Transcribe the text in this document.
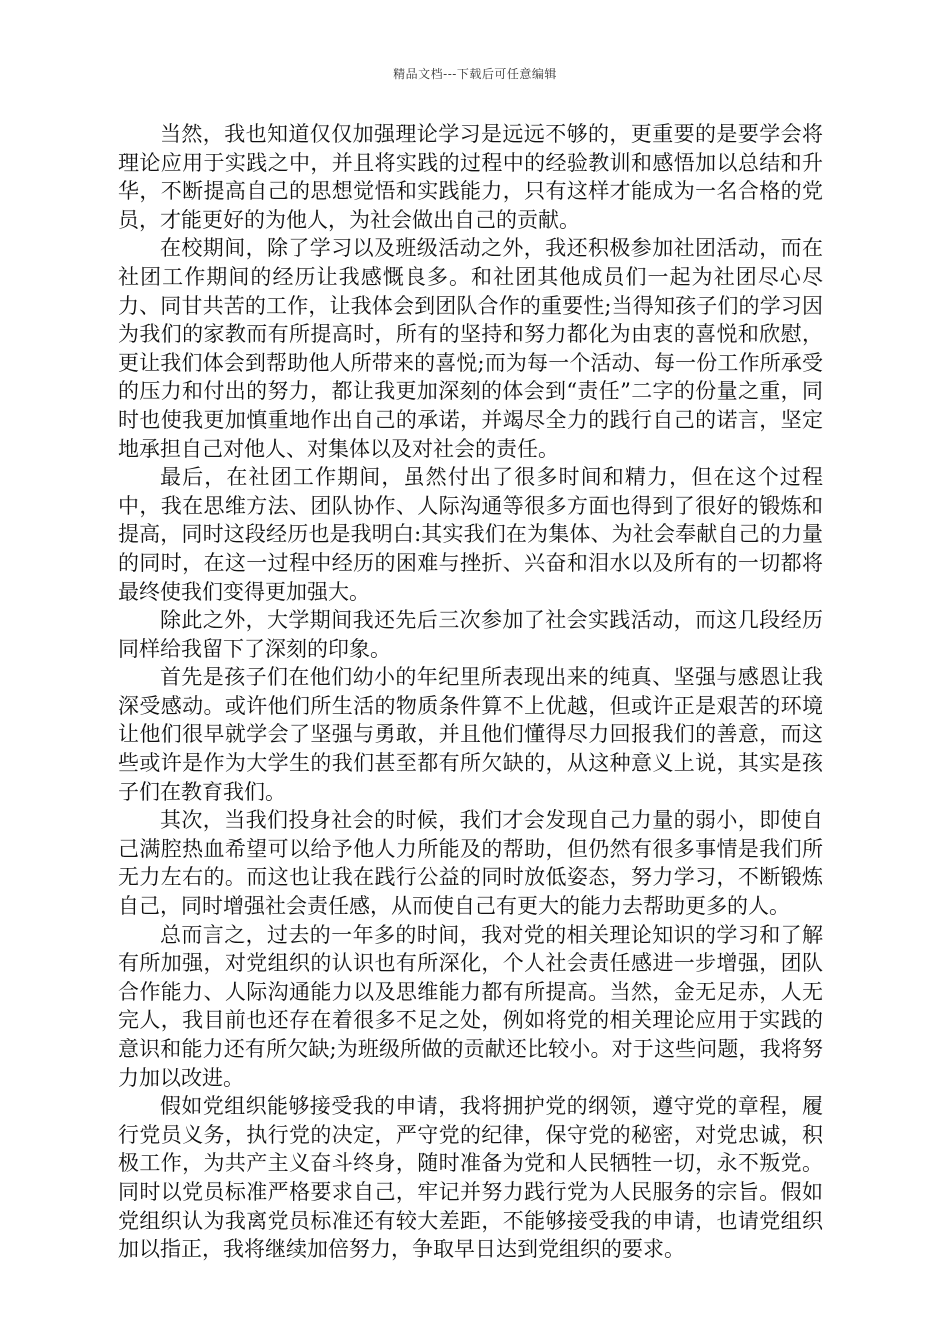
精品文档---下载后可任意编辑

当然，我也知道仅仅加强理论学习是远远不够的，更重要的是要学会将理论应用于实践之中，并且将实践的过程中的经验教训和感悟加以总结和升华，不断提高自己的思想觉悟和实践能力，只有这样才能成为一名合格的党员，才能更好的为他人，为社会做出自己的贡献。

在校期间，除了学习以及班级活动之外，我还积极参加社团活动，而在社团工作期间的经历让我感慨良多。和社团其他成员们一起为社团尽心尽力、同甘共苦的工作，让我体会到团队合作的重要性;当得知孩子们的学习因为我们的家教而有所提高时，所有的坚持和努力都化为由衷的喜悦和欣慰，更让我们体会到帮助他人所带来的喜悦;而为每一个活动、每一份工作所承受的压力和付出的努力，都让我更加深刻的体会到“责任”二字的份量之重，同时也使我更加慎重地作出自己的承诺，并竭尽全力的践行自己的诺言，坚定地承担自己对他人、对集体以及对社会的责任。

最后，在社团工作期间，虽然付出了很多时间和精力，但在这个过程中，我在思维方法、团队协作、人际沟通等很多方面也得到了很好的锻炼和提高，同时这段经历也是我明白:其实我们在为集体、为社会奉献自己的力量的同时，在这一过程中经历的困难与挫折、兴奋和泪水以及所有的一切都将最终使我们变得更加强大。

除此之外，大学期间我还先后三次参加了社会实践活动，而这几段经历同样给我留下了深刻的印象。

首先是孩子们在他们幼小的年纪里所表现出来的纯真、坚强与感恩让我深受感动。或许他们所生活的物质条件算不上优越，但或许正是艰苦的环境让他们很早就学会了坚强与勇敢，并且他们懂得尽力回报我们的善意，而这些或许是作为大学生的我们甚至都有所欠缺的，从这种意义上说，其实是孩子们在教育我们。

其次，当我们投身社会的时候，我们才会发现自己力量的弱小，即使自己满腔热血希望可以给予他人力所能及的帮助，但仍然有很多事情是我们所无力左右的。而这也让我在践行公益的同时放低姿态，努力学习，不断锻炼自己，同时增强社会责任感，从而使自己有更大的能力去帮助更多的人。

总而言之，过去的一年多的时间，我对党的相关理论知识的学习和了解有所加强，对党组织的认识也有所深化，个人社会责任感进一步增强，团队合作能力、人际沟通能力以及思维能力都有所提高。当然，金无足赤，人无完人，我目前也还存在着很多不足之处，例如将党的相关理论应用于实践的意识和能力还有所欠缺;为班级所做的贡献还比较小。对于这些问题，我将努力加以改进。

假如党组织能够接受我的申请，我将拥护党的纲领，遵守党的章程，履行党员义务，执行党的决定，严守党的纪律，保守党的秘密，对党忠诚，积极工作，为共产主义奋斗终身，随时准备为党和人民牺牲一切，永不叛党。同时以党员标准严格要求自己，牢记并努力践行党为人民服务的宗旨。假如党组织认为我离党员标准还有较大差距，不能够接受我的申请，也请党组织加以指正，我将继续加倍努力，争取早日达到党组织的要求。
